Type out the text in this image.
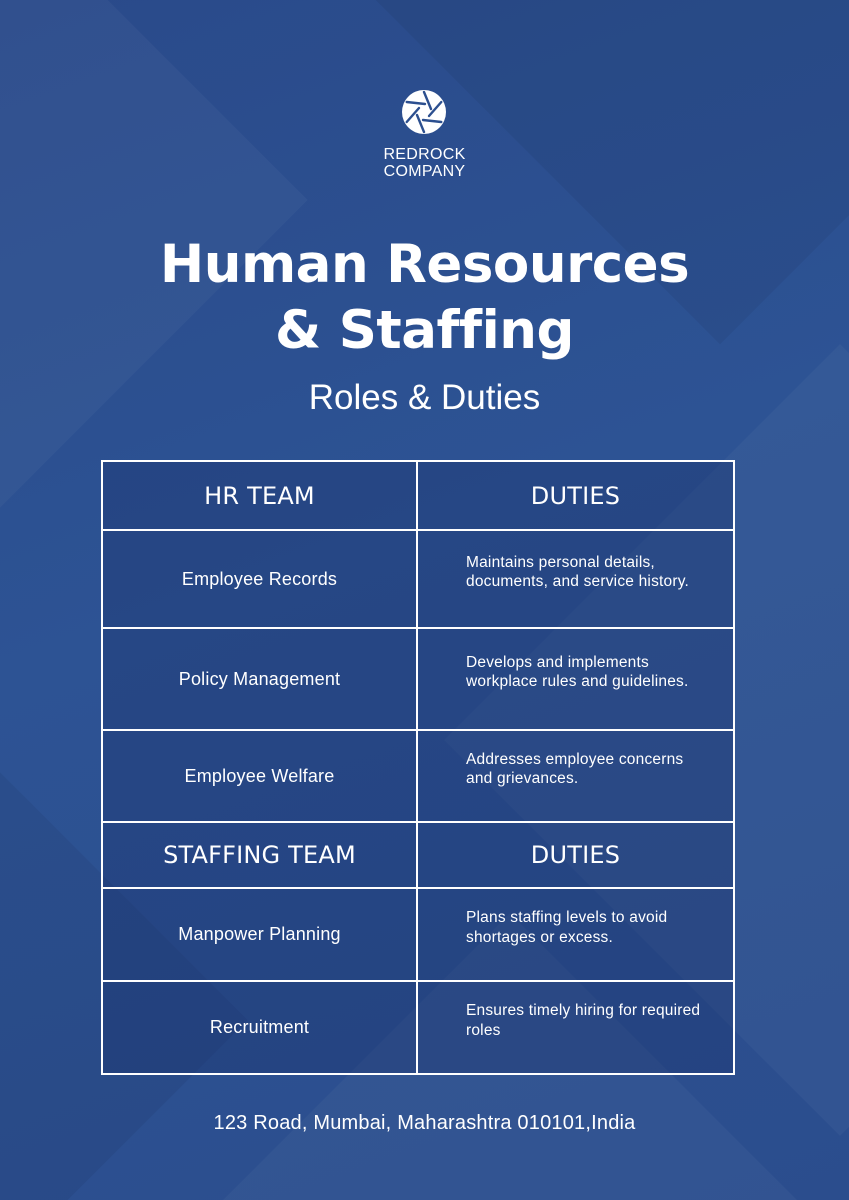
REDROCK
COMPANY
Human Resources
& Staffing
Roles & Duties
HR TEAM	DUTIES
Employee Records	Maintains personal details, documents, and service history.

Policy Management	Develops and implements workplace rules and guidelines.

Employee Welfare	Addresses employee concerns and grievances.

STAFFING TEAM	DUTIES
Manpower Planning	Plans staffing levels to avoid shortages or excess.

Recruitment	Ensures timely hiring for required roles
123 Road, Mumbai, Maharashtra 010101,India
